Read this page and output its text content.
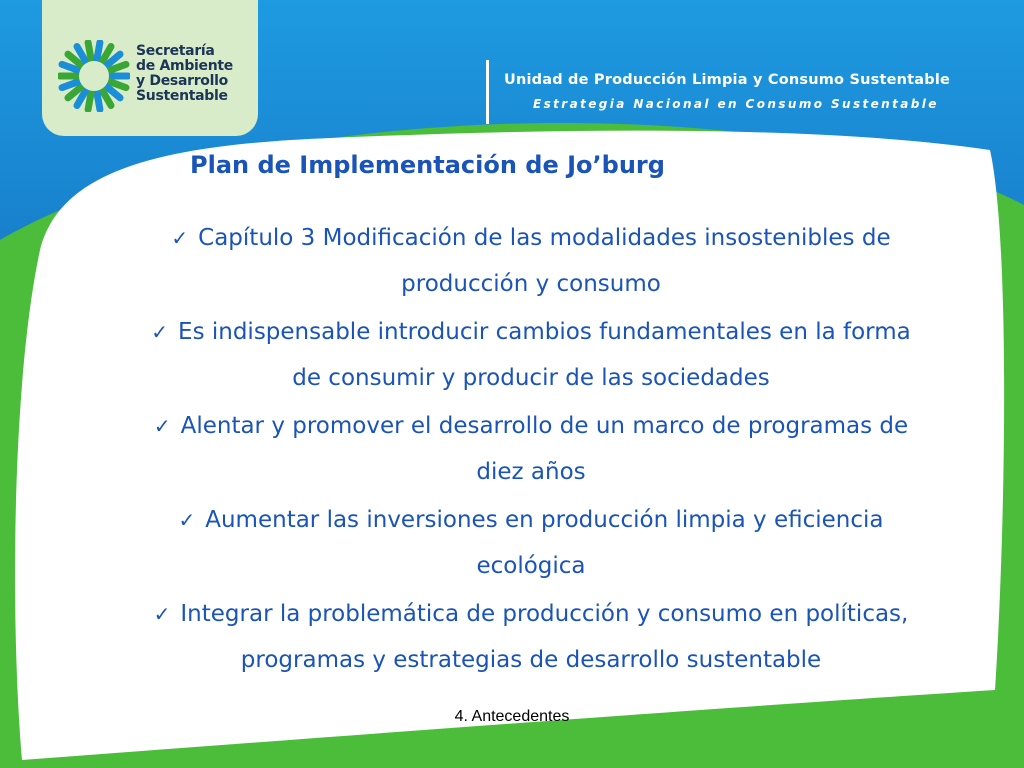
Secretaría
de Ambiente
y Desarrollo
Sustentable
Unidad de Producción Limpia y Consumo Sustentable
Estrategia Nacional en Consumo Sustentable
Plan de Implementación de Jo’burg
✓ Capítulo 3 Modificación de las modalidades insostenibles de
producción y consumo
✓ Es indispensable introducir cambios fundamentales en la forma
de consumir y producir de las sociedades
✓ Alentar y promover el desarrollo de un marco de programas de
diez años
✓ Aumentar las inversiones en producción limpia y eficiencia
ecológica
✓ Integrar la problemática de producción y consumo en políticas,
programas y estrategias de desarrollo sustentable
4. Antecedentes
